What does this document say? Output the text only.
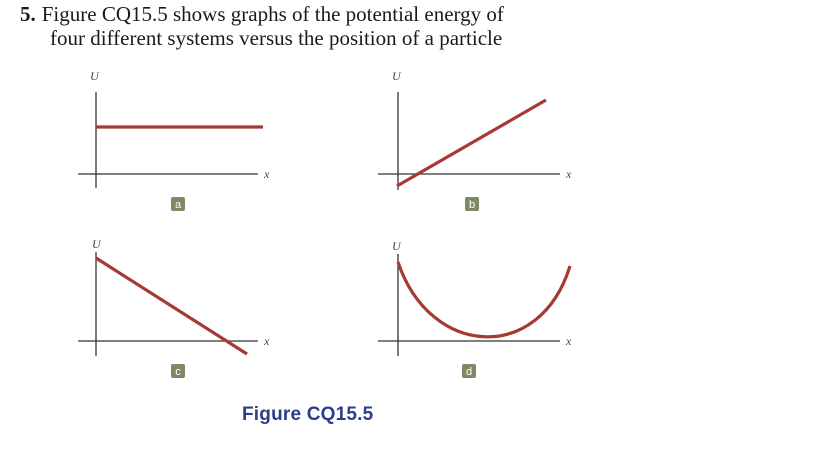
5. Figure CQ15.5 shows graphs of the potential energy of
four different systems versus the position of a particle
U
x
a
U
x
b
U
x
c
U
x
d
Figure CQ15.5
